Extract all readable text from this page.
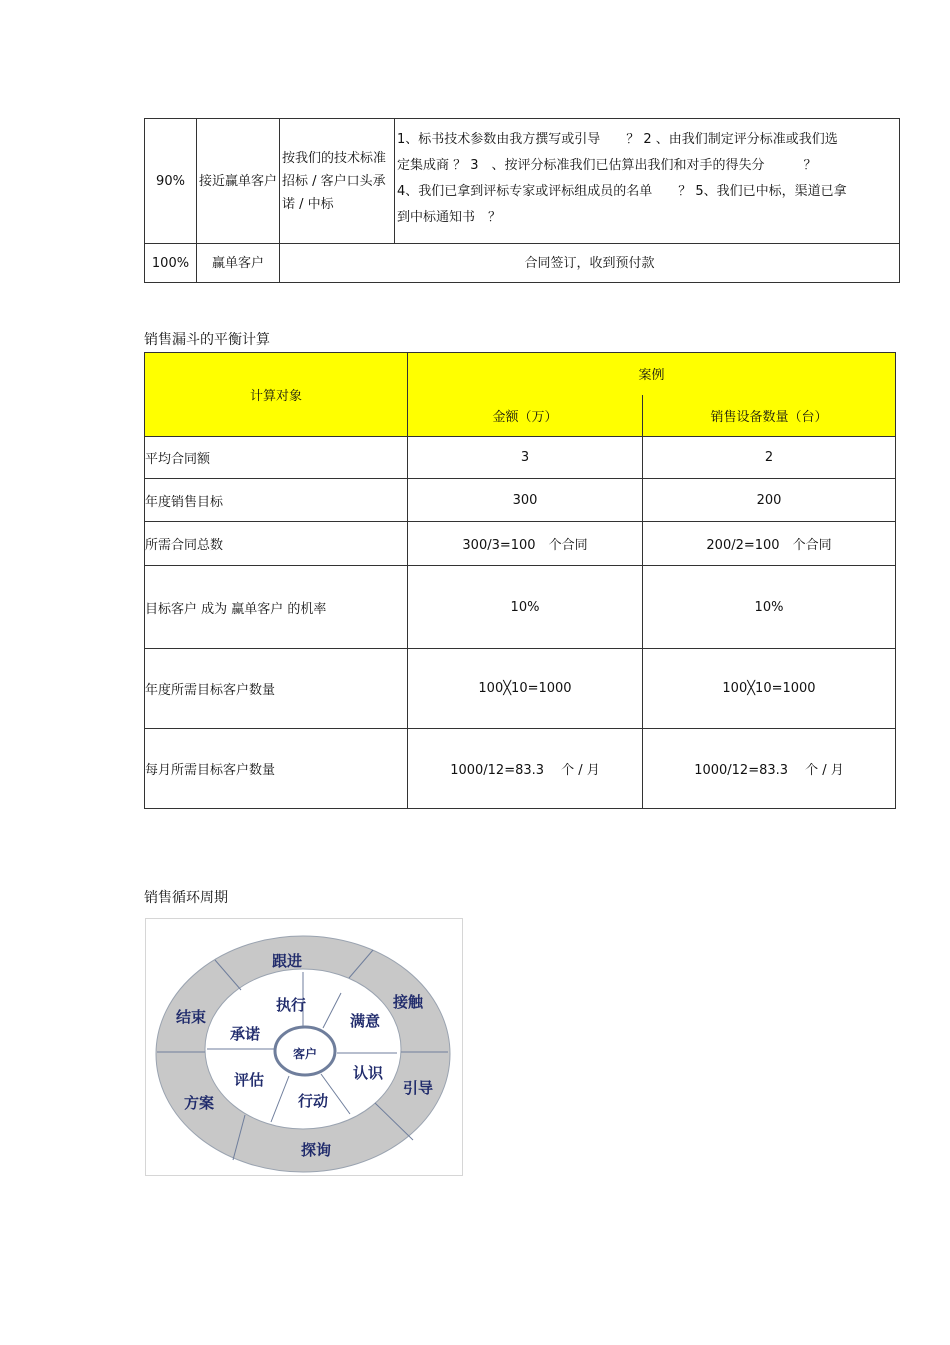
90%	接近赢单客户	按我们的技术标准招标 / 客户口头承诺 / 中标	1、标书技术参数由我方撰写或引导　　？ 2 、由我们制定评分标准或我们选
定集成商 ？ 3　、按评分标准我们已估算出我们和对手的得失分　　　？
4、我们已拿到评标专家或评标组成员的名单　　？ 5、我们已中标，渠道已拿
到中标通知书　？

100%	赢单客户	合同签订，收到预付款	
销售漏斗的平衡计算
计算对象	案例	
	金额（万）	销售设备数量（台）
平均合同额	3	2
年度销售目标	300	200
所需合同总数	300/3=100　个合同	200/2=100　个合同
目标客户 成为 赢单客户 的机率	10%	10%
年度所需目标客户数量	100╳10=1000	100╳10=1000
每月所需目标客户数量	1000/12=83.3　 个 / 月	1000/12=83.3　 个 / 月
销售循环周期
客户
跟进
接触
引导
探询
方案
结束
执行
满意
认识
行动
评估
承诺
